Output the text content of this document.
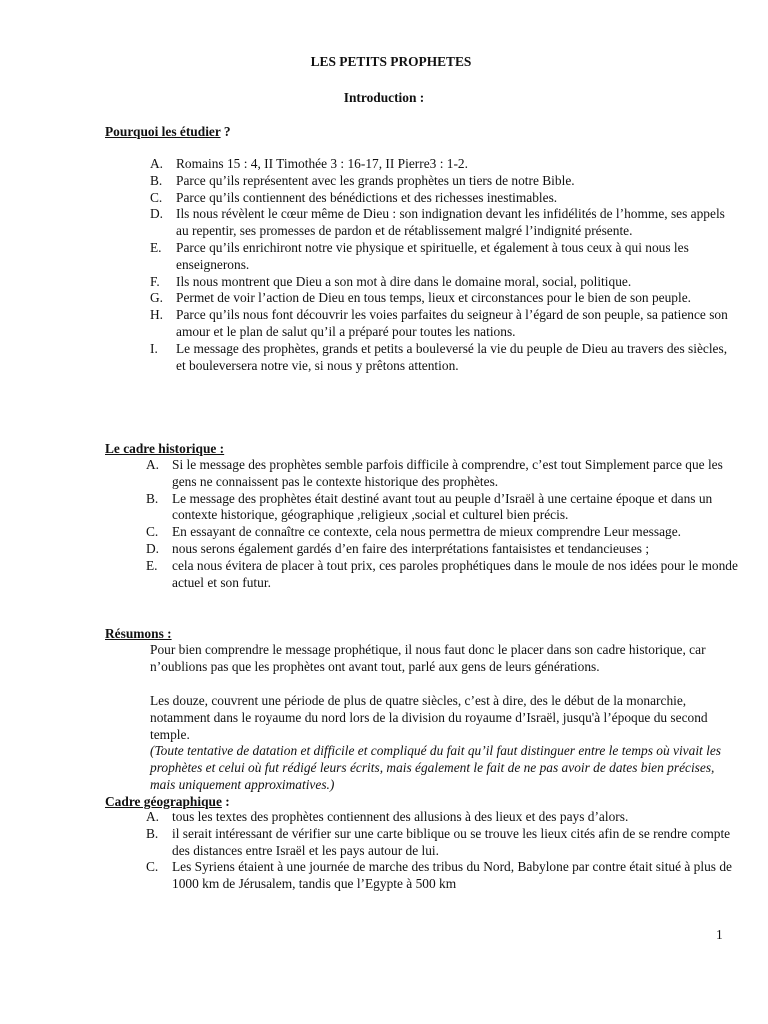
LES PETITS PROPHETES
Introduction :
Pourquoi les étudier ?
A. Romains 15 : 4, II Timothée 3 : 16-17, II Pierre3 : 1-2.
B.	Parce qu’ils représentent avec les grands prophètes un tiers de notre Bible.
C.	Parce qu’ils contiennent des bénédictions et des richesses inestimables.
D. Ils nous révèlent le cœur même de Dieu : son indignation devant les infidélités de l’homme, ses appels au repentir, ses promesses de pardon et de rétablissement malgré l’indignité présente.
E.	Parce qu’ils enrichiront notre vie physique et spirituelle, et également à tous ceux à qui nous les enseignerons.
F.	Ils nous montrent que Dieu a son mot à dire dans le domaine moral, social, politique.
G. Permet de voir l’action de Dieu en tous temps, lieux et circonstances pour le bien de son peuple.
H. Parce qu’ils nous font découvrir les voies parfaites du seigneur à l’égard de son peuple, sa patience son amour et le plan de salut qu’il a préparé pour toutes les nations.
I.	Le message des prophètes, grands et petits a bouleversé la vie du peuple de Dieu au travers des siècles, et bouleversera notre vie, si nous y prêtons attention.
Le cadre historique :
A. Si le message des prophètes semble parfois difficile à comprendre, c’est tout Simplement parce que les gens ne connaissent pas le contexte historique des prophètes.
B.	Le message des prophètes était destiné avant tout au peuple d’Israël à une certaine époque et dans un contexte historique, géographique ,religieux ,social et culturel bien précis.
C.	En essayant de connaître ce contexte, cela nous permettra de mieux comprendre Leur message.
D. nous serons également gardés d’en faire des interprétations fantaisistes et tendancieuses ;
E.	cela nous évitera de placer à tout prix, ces paroles prophétiques dans le moule de nos idées pour le monde actuel et son futur.
Résumons :

Pour bien comprendre le message prophétique, il nous faut donc le placer dans son cadre historique, car n’oublions pas que les prophètes ont avant tout, parlé aux gens de leurs générations.

Les douze, couvrent une période de plus de quatre siècles, c’est à dire, des le début de la monarchie, notamment dans le royaume du nord lors de la division du royaume d’Israël, jusqu'à l’époque du second temple.

(Toute tentative de datation et difficile et compliqué du fait qu’il faut distinguer entre le temps où vivait les prophètes et celui où fut rédigé leurs écrits, mais également le fait de ne pas avoir de dates bien précises, mais uniquement approximatives.)

Cadre géographique :
A. tous les textes des prophètes contiennent des allusions à des lieux et des pays d’alors.
B.	il serait intéressant de vérifier sur une carte biblique ou se trouve les lieux cités afin de se rendre compte des distances entre Israël et les pays autour de lui.
C.	Les Syriens étaient à une journée de marche des tribus du Nord, Babylone par contre était situé à plus de 1000 km de Jérusalem, tandis que l’Egypte à 500 km
1
